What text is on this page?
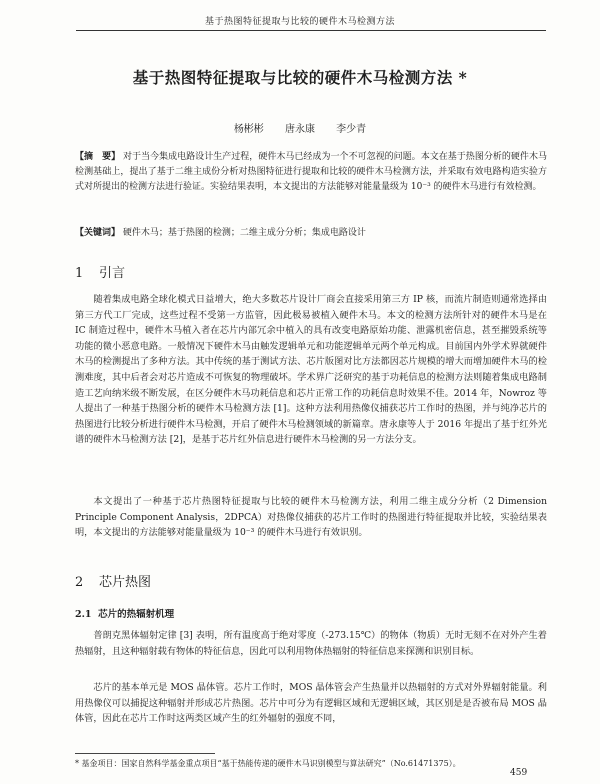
基于热图特征提取与比较的硬件木马检测方法
基于热图特征提取与比较的硬件木马检测方法 *
杨彬彬 唐永康 李少青
【摘　要】 对于当今集成电路设计生产过程，硬件木马已经成为一个不可忽视的问题。本文在基于热图分析的硬件木马检测基础上，提出了基于二维主成份分析对热图特征进行提取和比较的硬件木马检测方法，并采取有效电路构造实验方式对所提出的检测方法进行验证。实验结果表明，本文提出的方法能够对能量量级为 10⁻³ 的硬件木马进行有效检测。
【关键词】 硬件木马；基于热图的检测；二维主成分分析；集成电路设计
1 引言
随着集成电路全球化模式日益增大，绝大多数芯片设计厂商会直接采用第三方 IP 核，而流片制造则通常选择由第三方代工厂完成，这些过程不受第一方监管，因此极易被植入硬件木马。本文的检测方法所针对的硬件木马是在 IC 制造过程中，硬件木马植入者在芯片内部冗余中植入的具有改变电路原始功能、泄露机密信息，甚至摧毁系统等功能的微小恶意电路。一般情况下硬件木马由触发逻辑单元和功能逻辑单元两个单元构成。目前国内外学术界就硬件木马的检测提出了多种方法。其中传统的基于测试方法、芯片版图对比方法都因芯片规模的增大而增加硬件木马的检测难度，其中后者会对芯片造成不可恢复的物理破坏。学术界广泛研究的基于功耗信息的检测方法则随着集成电路制造工艺向纳米级不断发展，在区分硬件木马功耗信息和芯片正常工作的功耗信息时效果不佳。2014 年，Nowroz 等人提出了一种基于热图分析的硬件木马检测方法 [1]。这种方法利用热像仪捕获芯片工作时的热图，并与纯净芯片的热图进行比较分析进行硬件木马检测，开启了硬件木马检测领域的新篇章。唐永康等人于 2016 年提出了基于红外光谱的硬件木马检测方法 [2]，是基于芯片红外信息进行硬件木马检测的另一方法分支。
本文提出了一种基于芯片热图特征提取与比较的硬件木马检测方法，利用二维主成分分析（2 Dimension Principle Component Analysis，2DPCA）对热像仪捕获的芯片工作时的热图进行特征提取并比较，实验结果表明，本文提出的方法能够对能量量级为 10⁻³ 的硬件木马进行有效识别。
2 芯片热图
2.1 芯片的热辐射机理
普朗克黑体辐射定律 [3] 表明，所有温度高于绝对零度（-273.15℃）的物体（物质）无时无刻不在对外产生着热辐射，且这种辐射载有物体的特征信息，因此可以利用物体热辐射的特征信息来探测和识别目标。
芯片的基本单元是 MOS 晶体管。芯片工作时，MOS 晶体管会产生热量并以热辐射的方式对外界辐射能量。利用热像仪可以捕捉这种辐射并形成芯片热图。芯片中可分为有逻辑区域和无逻辑区域，其区别是是否被布局 MOS 晶体管，因此在芯片工作时这两类区域产生的红外辐射的强度不同，
* 基金项目：国家自然科学基金重点项目“基于热能传递的硬件木马识别模型与算法研究”（No.61471375）。
459
